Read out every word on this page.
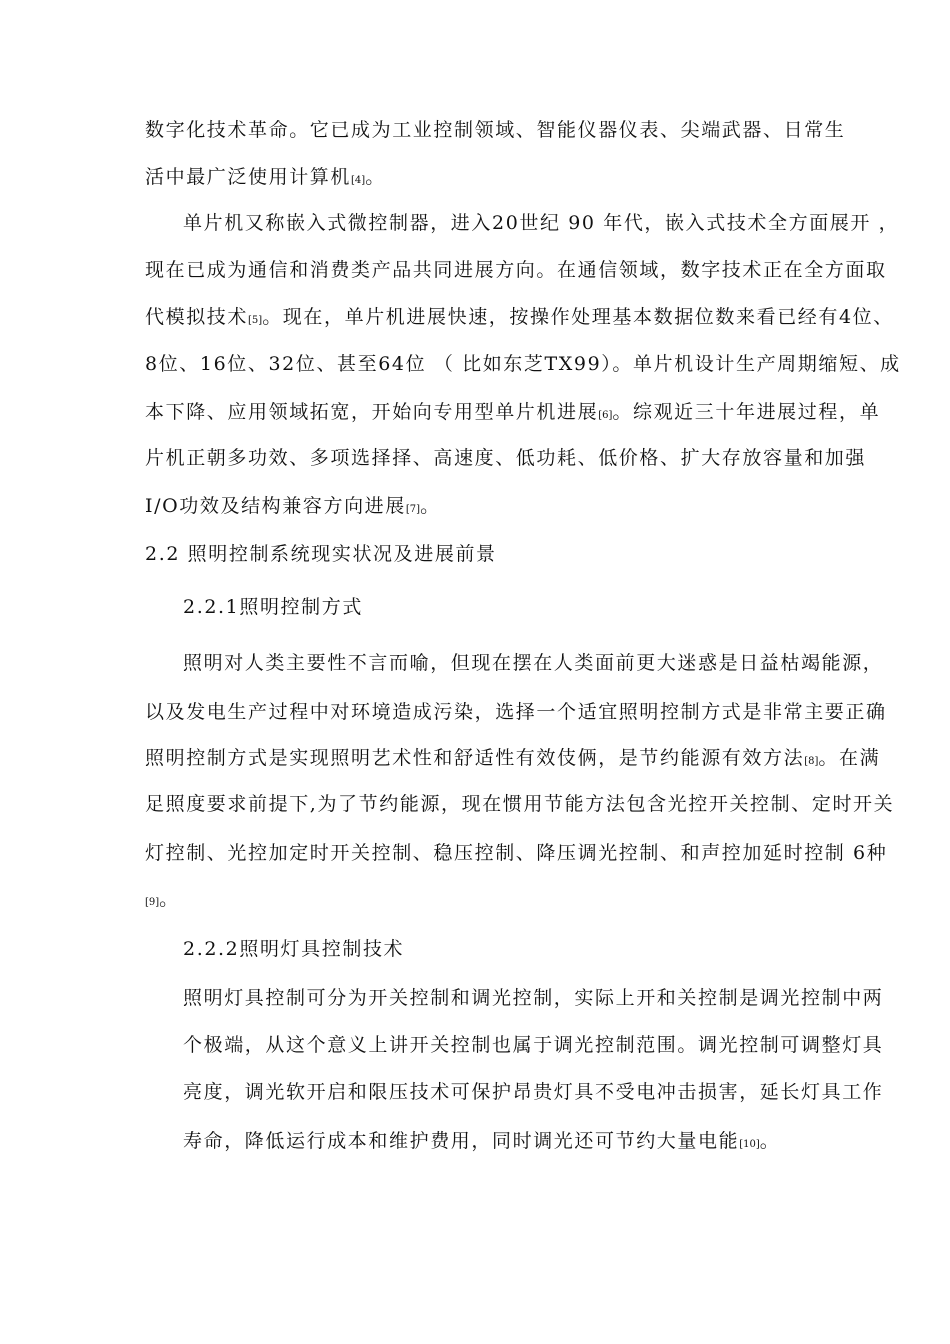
数字化技术革命。它已成为工业控制领域、智能仪器仪表、尖端武器、日常生
活中最广泛使用计算机[4]。
单片机又称嵌入式微控制器，进入20世纪 90 年代，嵌入式技术全方面展开 ，
现在已成为通信和消费类产品共同进展方向。在通信领域，数字技术正在全方面取
代模拟技术[5]。现在，单片机进展快速，按操作处理基本数据位数来看已经有4位、
8位、16位、32位、甚至64位 （ 比如东芝TX99）。单片机设计生产周期缩短、成
本下降、应用领域拓宽，开始向专用型单片机进展[6]。综观近三十年进展过程，单
片机正朝多功效、多项选择择、高速度、低功耗、低价格、扩大存放容量和加强
I/O功效及结构兼容方向进展[7]。
2.2 照明控制系统现实状况及进展前景
2.2.1照明控制方式
照明对人类主要性不言而喻，但现在摆在人类面前更大迷惑是日益枯竭能源，
以及发电生产过程中对环境造成污染，选择一个适宜照明控制方式是非常主要正确
照明控制方式是实现照明艺术性和舒适性有效伎俩，是节约能源有效方法[8]。在满
足照度要求前提下,为了节约能源，现在惯用节能方法包含光控开关控制、定时开关
灯控制、光控加定时开关控制、稳压控制、降压调光控制、和声控加延时控制 6种
[9]。
2.2.2照明灯具控制技术
照明灯具控制可分为开关控制和调光控制，实际上开和关控制是调光控制中两
个极端，从这个意义上讲开关控制也属于调光控制范围。调光控制可调整灯具
亮度，调光软开启和限压技术可保护昂贵灯具不受电冲击损害，延长灯具工作
寿命，降低运行成本和维护费用，同时调光还可节约大量电能[10]。
